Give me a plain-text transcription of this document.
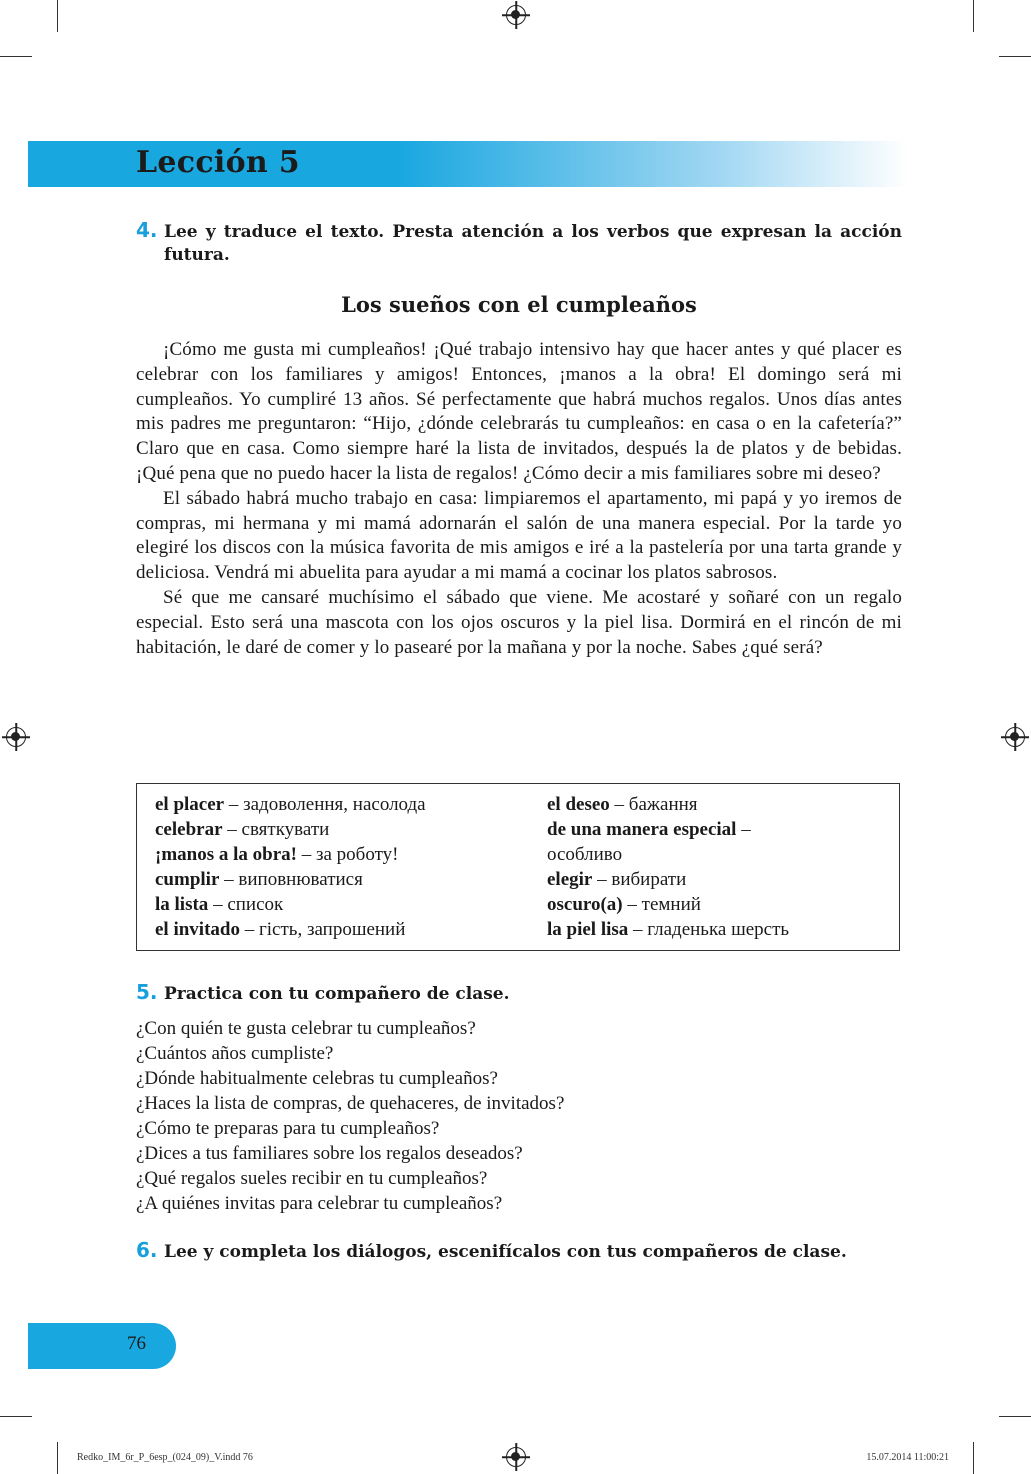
Lección 5
4. Lee y traduce el texto. Presta atención a los verbos que expresan la acción futura.
Los sueños con el cumpleaños

¡Cómo me gusta mi cumpleaños! ¡Qué trabajo intensivo hay que hacer antes y qué placer es celebrar con los familiares y amigos! Entonces, ¡manos a la obra! El domingo será mi cumpleaños. Yo cumpliré 13 años. Sé perfectamente que habrá muchos regalos. Unos días antes mis padres me preguntaron: “Hijo, ¿dónde celebrarás tu cumpleaños: en casa o en la cafetería?” Claro que en casa. Como siempre haré la lista de invitados, después la de platos y de bebidas. ¡Qué pena que no puedo hacer la lista de regalos! ¿Cómo decir a mis familiares sobre mi deseo?

El sábado habrá mucho trabajo en casa: limpiaremos el apartamento, mi papá y yo iremos de compras, mi hermana y mi mamá adornarán el salón de una manera especial. Por la tarde yo elegiré los discos con la música favorita de mis amigos e iré a la pastelería por una tarta grande y deliciosa. Vendrá mi abuelita para ayudar a mi mamá a cocinar los platos sabrosos.

Sé que me cansaré muchísimo el sábado que viene. Me acostaré y soñaré con un regalo especial. Esto será una mascota con los ojos oscuros y la piel lisa. Dormirá en el rincón de mi habitación, le daré de comer y lo pasearé por la mañana y por la noche. Sabes ¿qué será?

el placer – задоволення, насолода
celebrar – святкувати
¡manos a la obra! – за роботу!
cumplir – виповнюватися
la lista – список
el invitado – гість, запрошений
el deseo – бажання
de una manera especial –
особливо
elegir – вибирати
oscuro(a) – темний
la piel lisa – гладенька шерсть
5. Practica con tu compañero de clase.
¿Con quién te gusta celebrar tu cumpleaños?
¿Cuántos años cumpliste?
¿Dónde habitualmente celebras tu cumpleaños?
¿Haces la lista de compras, de quehaceres, de invitados?
¿Cómo te preparas para tu cumpleaños?
¿Dices a tus familiares sobre los regalos deseados?
¿Qué regalos sueles recibir en tu cumpleaños?
¿A quiénes invitas para celebrar tu cumpleaños?
6. Lee y completa los diálogos, escenifícalos con tus compañeros de clase.
76
Redko_IM_6r_P_6esp_(024_09)_V.indd 76	15.07.2014 11:00:21
